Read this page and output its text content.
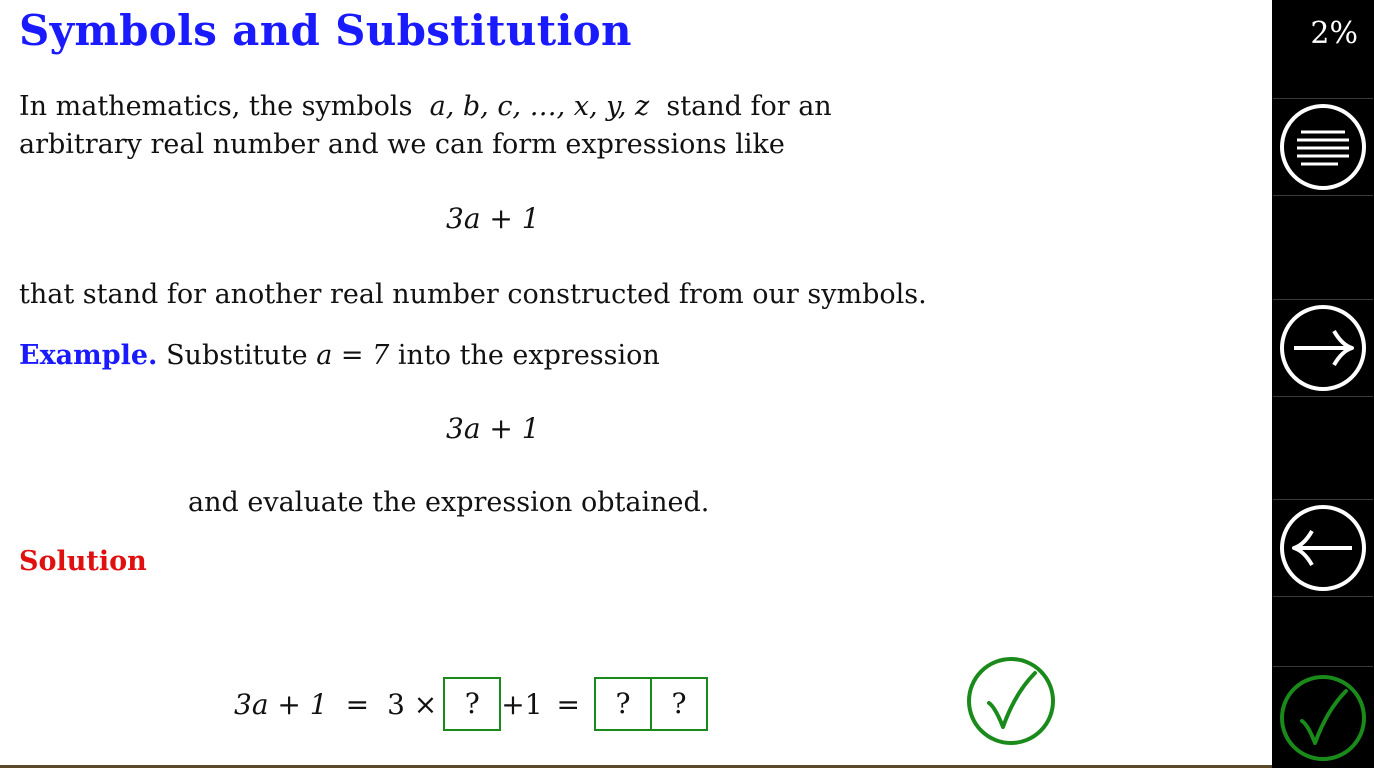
Symbols and Substitution
In mathematics, the symbols a, b, c, …, x, y, z stand for an
arbitrary real number and we can form expressions like
3a + 1
that stand for another real number constructed from our symbols.
Example. Substitute a = 7 into the expression
3a + 1
and evaluate the expression obtained.
Solution
3a + 1 = 3 × ? +1 =	?	?
2%
